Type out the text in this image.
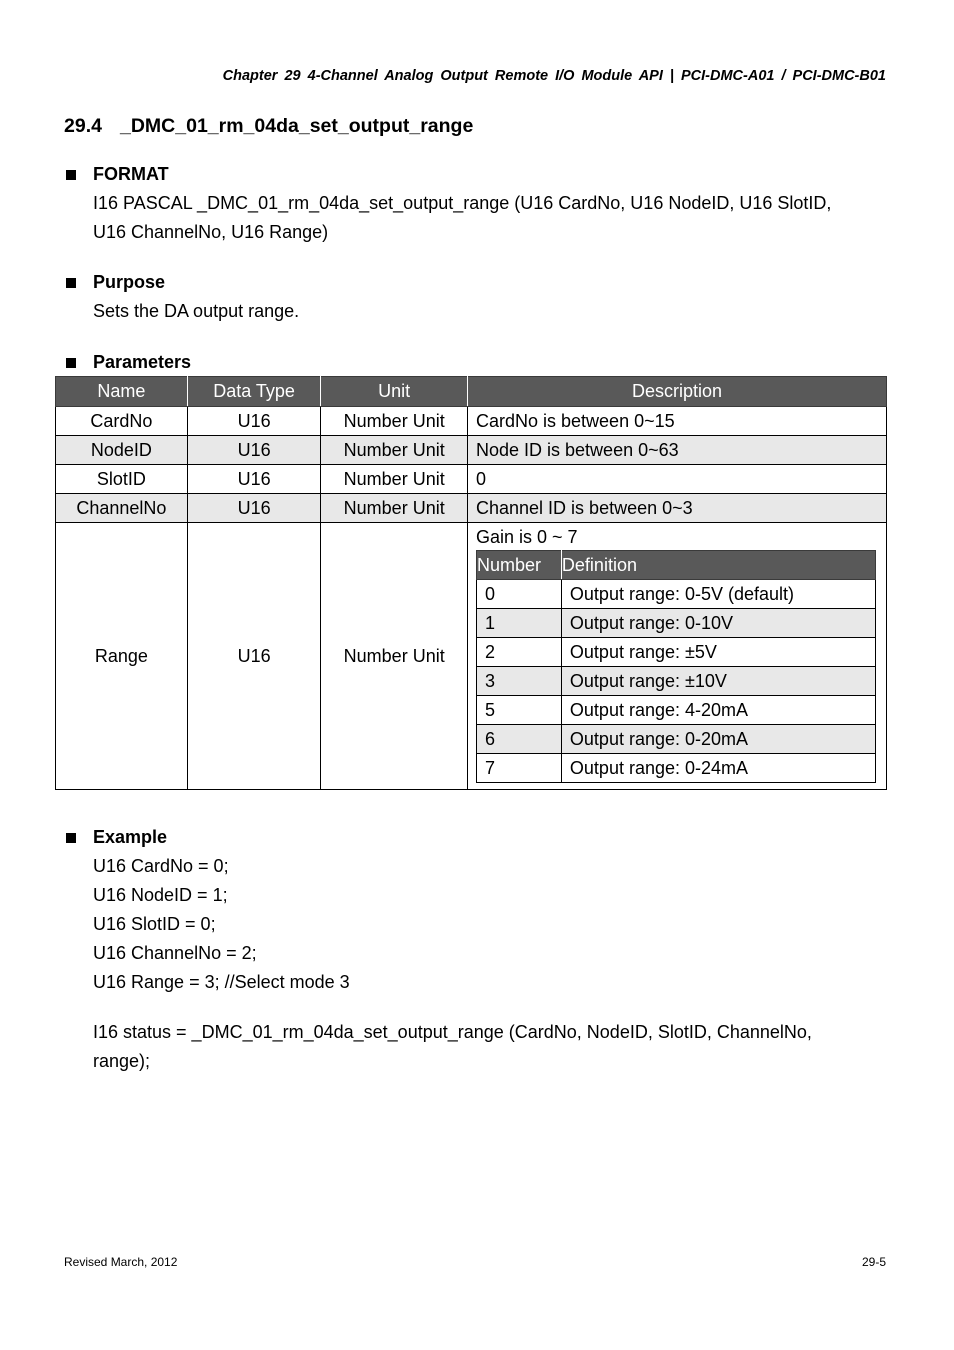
Chapter 29 4-Channel Analog Output Remote I/O Module API | PCI-DMC-A01 / PCI-DMC-B01
29.4 _DMC_01_rm_04da_set_output_range
FORMAT
I16 PASCAL _DMC_01_rm_04da_set_output_range (U16 CardNo, U16 NodeID, U16 SlotID,
U16 ChannelNo, U16 Range)
Purpose
Sets the DA output range.
Parameters
Name	Data Type	Unit	Description
CardNo	U16	Number Unit	CardNo is between 0~15
NodeID	U16	Number Unit	Node ID is between 0~63
SlotID	U16	Number Unit	0
ChannelNo	U16	Number Unit	Channel ID is between 0~3
Range	U16	Number Unit	
Gain is 0 ~ 7
Number	Definition
0	Output range: 0-5V (default)
1	Output range: 0-10V
2	Output range: ±5V
3	Output range: ±10V
5	Output range: 4-20mA
6	Output range: 0-20mA
7	Output range: 0-24mA
Example
U16 CardNo = 0;
U16 NodeID = 1;
U16 SlotID = 0;
U16 ChannelNo = 2;
U16 Range = 3; //Select mode 3
I16 status = _DMC_01_rm_04da_set_output_range (CardNo, NodeID, SlotID, ChannelNo,
range);
Revised March, 2012	29-5
